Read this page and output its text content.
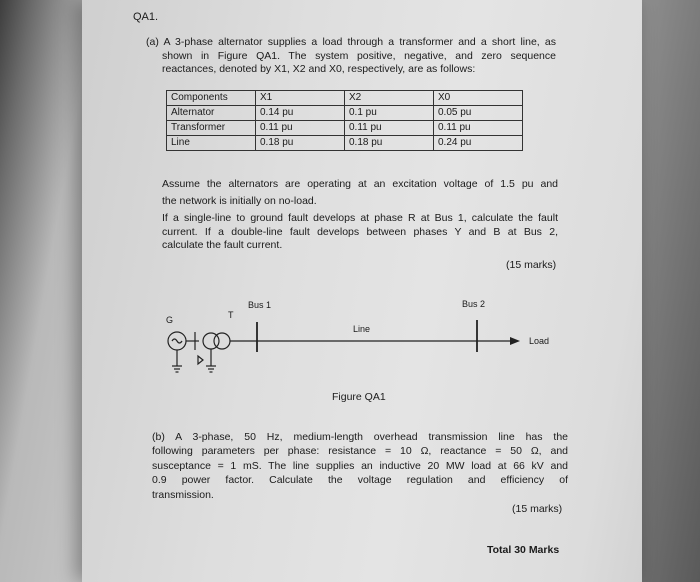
QA1.
(a) A 3-phase alternator supplies a load through a transformer and a short line, as
shown in Figure QA1. The system positive, negative, and zero sequence
reactances, denoted by X1, X2 and X0, respectively, are as follows:
Components	X1	X2	X0
Alternator	0.14 pu	0.1 pu	0.05 pu
Transformer	0.11 pu	0.11 pu	0.11 pu
Line	0.18 pu	0.18 pu	0.24 pu
Assume the alternators are operating at an excitation voltage of 1.5 pu and
the network is initially on no-load.
If a single-line to ground fault develops at phase R at Bus 1, calculate the fault
current. If a double-line fault develops between phases Y and B at Bus 2,
calculate the fault current.
(15 marks)
Bus 1	Bus 2
G	T
Line
Load
Figure QA1
(b) A 3-phase, 50 Hz, medium-length overhead transmission line has the
following parameters per phase: resistance = 10 Ω, reactance = 50 Ω, and
susceptance = 1 mS. The line supplies an inductive 20 MW load at 66 kV and
0.9 power factor. Calculate the voltage regulation and efficiency of
transmission.
(15 marks)
Total 30 Marks
